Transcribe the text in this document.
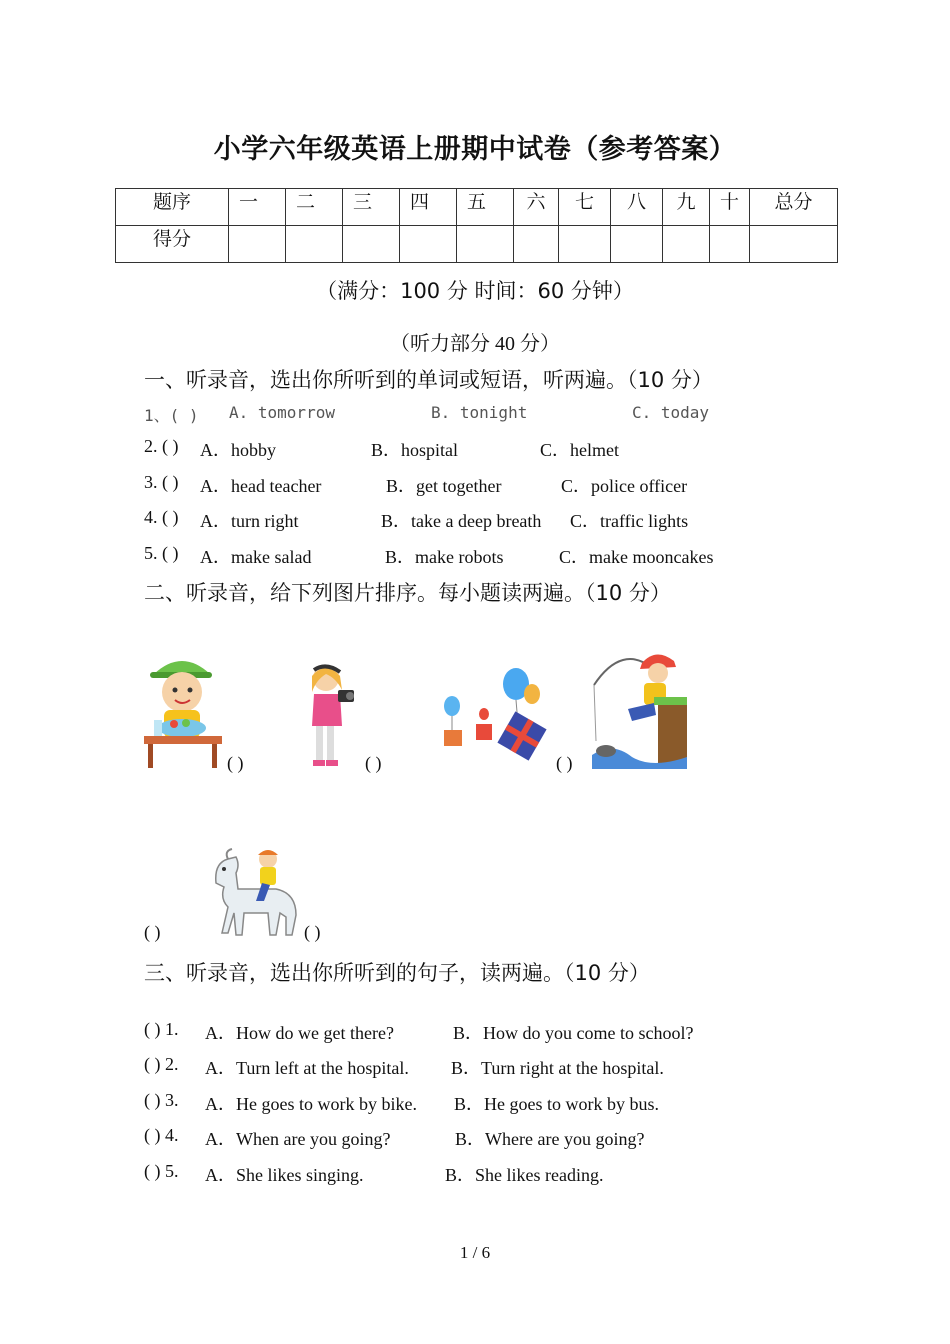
小学六年级英语上册期中试卷（参考答案）
题序	一	二	三	四	五	六	七	八	九	十	总分
得分											
（满分：100 分 时间：60 分钟）
（听力部分 40 分）
一、听录音，选出你所听到的单词或短语，听两遍。（10 分）
1、( ) A. tomorrow	B. tonight	C. today
2. ( ) A．hobby	B．hospital	C．helmet
3. ( ) A．head teacher	B．get together	C．police officer
4. ( ) A．turn right	B．take a deep breath C．traffic lights
5. ( ) A．make salad	B．make robots	C．make mooncakes
二、听录音，给下列图片排序。每小题读两遍。（10 分）
( )	( )	( )
( )	( )
三、听录音，选出你所听到的句子，读两遍。（10 分）
( ) 1. A．How do we get there?	B．How do you come to school?
( ) 2. A．Turn left at the hospital. B．Turn right at the hospital.
( ) 3. A．He goes to work by bike. B．He goes to work by bus.
( ) 4. A．When are you going?	B．Where are you going?
( ) 5. A．She likes singing.	B．She likes reading.
1 / 6
